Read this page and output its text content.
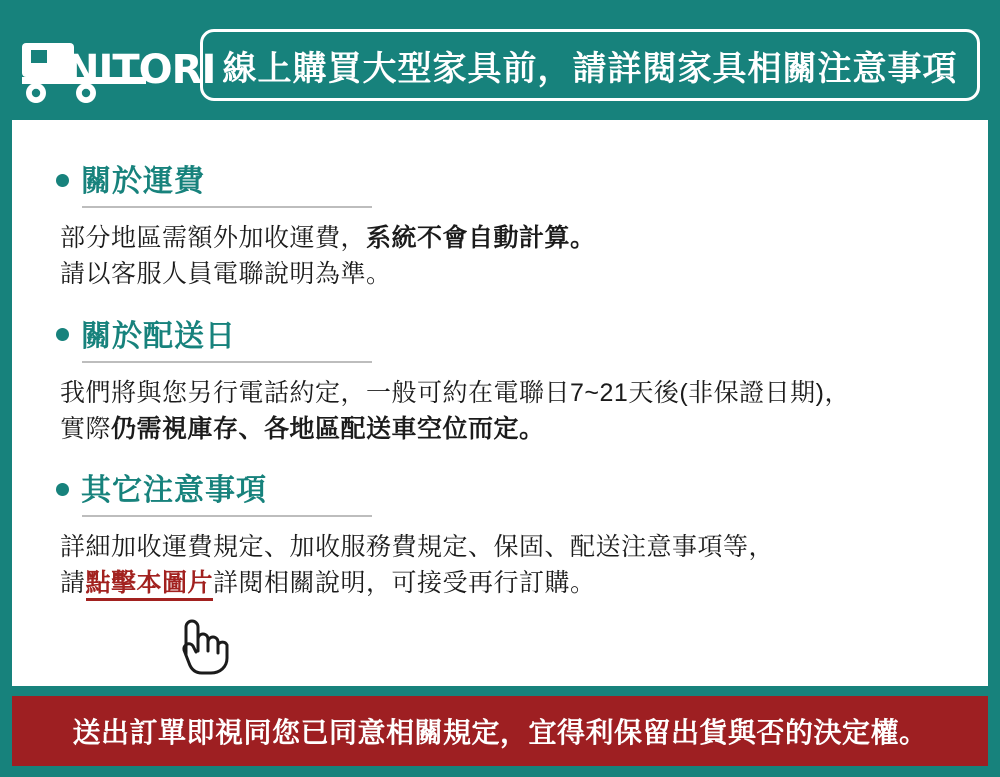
NITORI 線上購買大型家具前，請詳閱家具相關注意事項
關於運費
部分地區需額外加收運費，系統不會自動計算。
請以客服人員電聯說明為準。
關於配送日
我們將與您另行電話約定，一般可約在電聯日7~21天後(非保證日期)，
實際仍需視庫存、各地區配送車空位而定。
其它注意事項
詳細加收運費規定、加收服務費規定、保固、配送注意事項等，
請點擊本圖片詳閱相關說明，可接受再行訂購。
送出訂單即視同您已同意相關規定，宜得利保留出貨與否的決定權。
